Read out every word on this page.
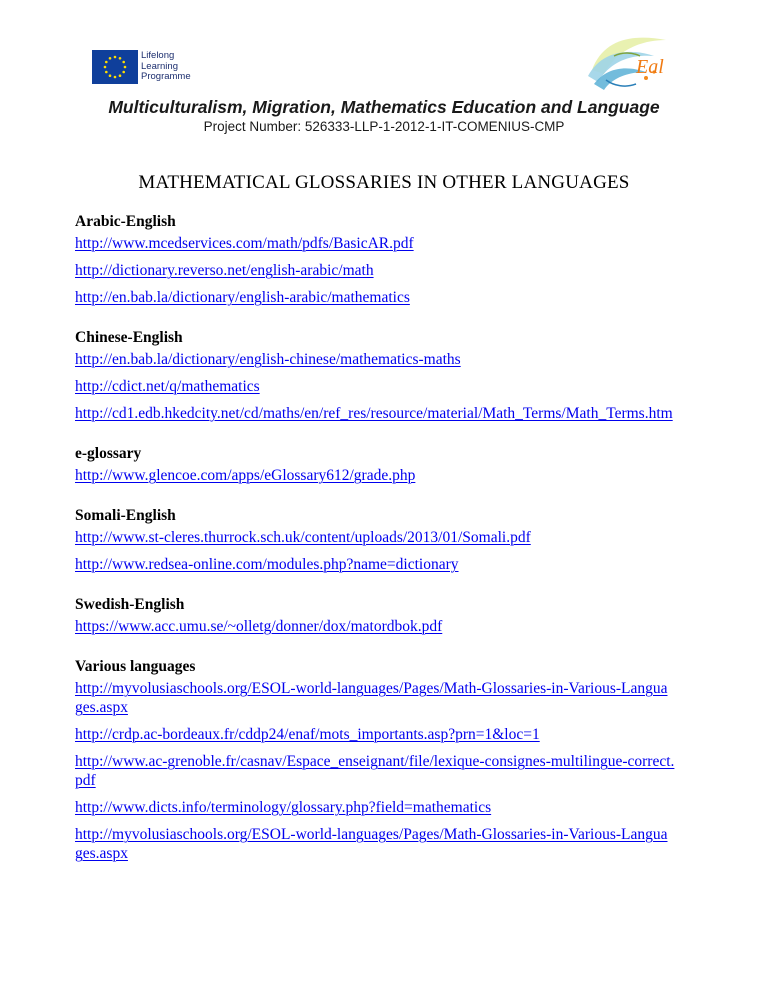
Lifelong
Learning
Programme	Eal
Multiculturalism, Migration, Mathematics Education and Language
Project Number: 526333-LLP-1-2012-1-IT-COMENIUS-CMP
MATHEMATICAL GLOSSARIES IN OTHER LANGUAGES
Arabic-English
http://www.mcedservices.com/math/pdfs/BasicAR.pdf
http://dictionary.reverso.net/english-arabic/math
http://en.bab.la/dictionary/english-arabic/mathematics
Chinese-English
http://en.bab.la/dictionary/english-chinese/mathematics-maths
http://cdict.net/q/mathematics
http://cd1.edb.hkedcity.net/cd/maths/en/ref_res/resource/material/Math_Terms/Math_Terms.htm
e-glossary
http://www.glencoe.com/apps/eGlossary612/grade.php
Somali-English
http://www.st-cleres.thurrock.sch.uk/content/uploads/2013/01/Somali.pdf
http://www.redsea-online.com/modules.php?name=dictionary
Swedish-English
https://www.acc.umu.se/~olletg/donner/dox/matordbok.pdf
Various languages
http://myvolusiaschools.org/ESOL-world-languages/Pages/Math-Glossaries-in-Various-Languages.aspx
http://crdp.ac-bordeaux.fr/cddp24/enaf/mots_importants.asp?prn=1&loc=1
http://www.ac-grenoble.fr/casnav/Espace_enseignant/file/lexique-consignes-multilingue-correct.pdf
http://www.dicts.info/terminology/glossary.php?field=mathematics
http://myvolusiaschools.org/ESOL-world-languages/Pages/Math-Glossaries-in-Various-Languages.aspx
